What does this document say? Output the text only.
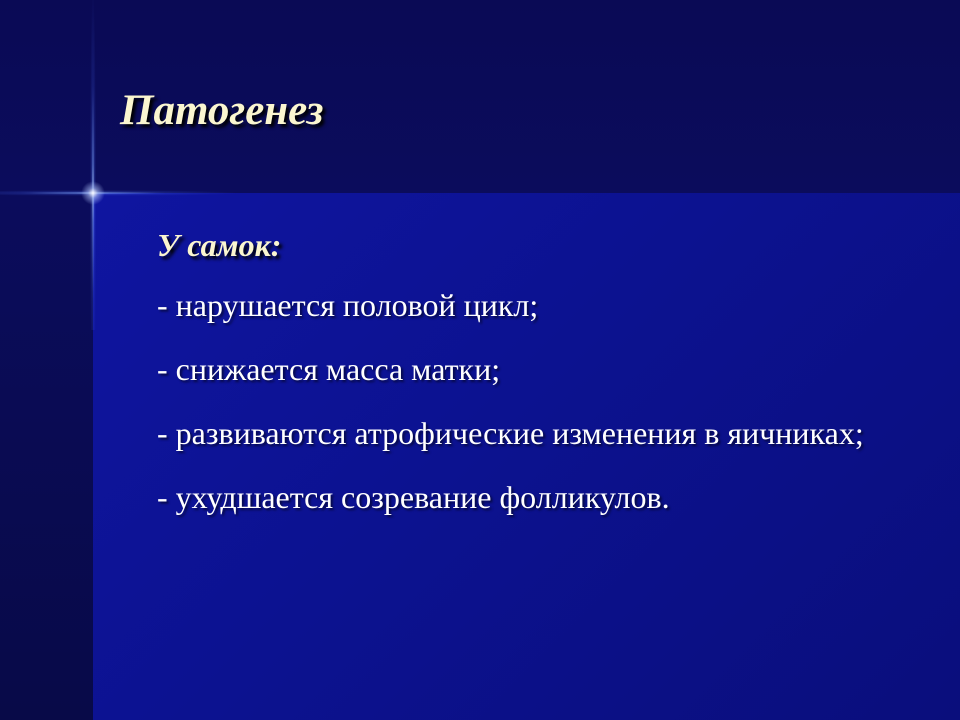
Патогенез
У самок:
- нарушается половой цикл;
- снижается масса матки;
- развиваются атрофические изменения в яичниках;
- ухудшается созревание фолликулов.
